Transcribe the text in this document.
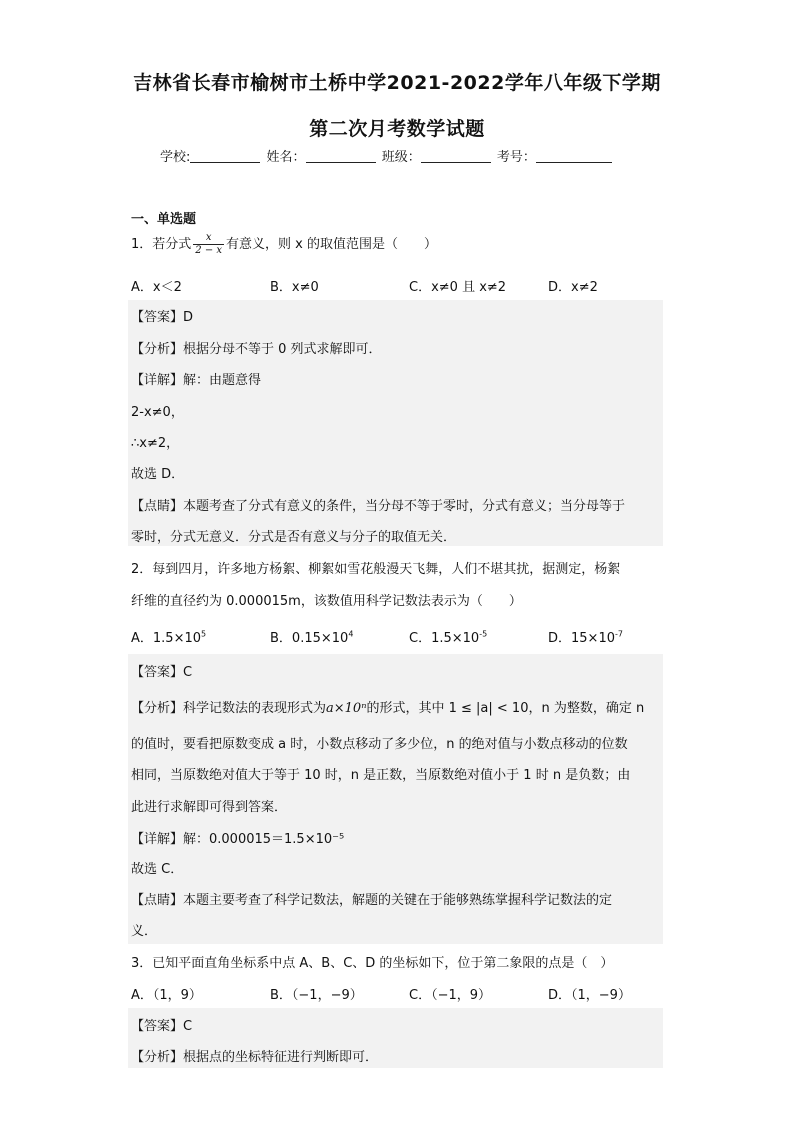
吉林省长春市榆树市土桥中学2021-2022学年八年级下学期
第二次月考数学试题
学校:	姓名：	班级：	考号：
一、单选题
1．若分式 $\frac{x}{2 - x}$ 有意义，则 x 的取值范围是（　　）
A．x＜2	B．x≠0	C．x≠0 且 x≠2	D．x≠2
【答案】D
【分析】根据分母不等于 0 列式求解即可．
【详解】解：由题意得
2-x≠0，
∴x≠2，
故选 D．
【点睛】本题考查了分式有意义的条件，当分母不等于零时，分式有意义；当分母等于
零时，分式无意义．分式是否有意义与分子的取值无关．
2．每到四月，许多地方杨絮、柳絮如雪花般漫天飞舞，人们不堪其扰，据测定，杨絮
纤维的直径约为 0.000015m，该数值用科学记数法表示为（　　）
A．$1.5\times 10^5$	B．$0.15\times 10^4$	C．$1.5\times 10^{-5}$	D．$15\times 10^{-7}$
【答案】C
【分析】科学记数法的表现形式为a×10ⁿ的形式，其中 1 ≤ |a| < 10，n 为整数，确定 n
的值时，要看把原数变成 a 时，小数点移动了多少位，n 的绝对值与小数点移动的位数
相同，当原数绝对值大于等于 10 时，n 是正数，当原数绝对值小于 1 时 n 是负数；由
此进行求解即可得到答案．
【详解】解：0.000015＝1.5×10⁻⁵
故选 C．
【点睛】本题主要考查了科学记数法，解题的关键在于能够熟练掌握科学记数法的定
义．
3．已知平面直角坐标系中点 A、B、C、D 的坐标如下，位于第二象限的点是（　）
A．（1，9）	B．（−1，−9）	C．（−1，9）	D．（1，−9）
【答案】C
【分析】根据点的坐标特征进行判断即可．
